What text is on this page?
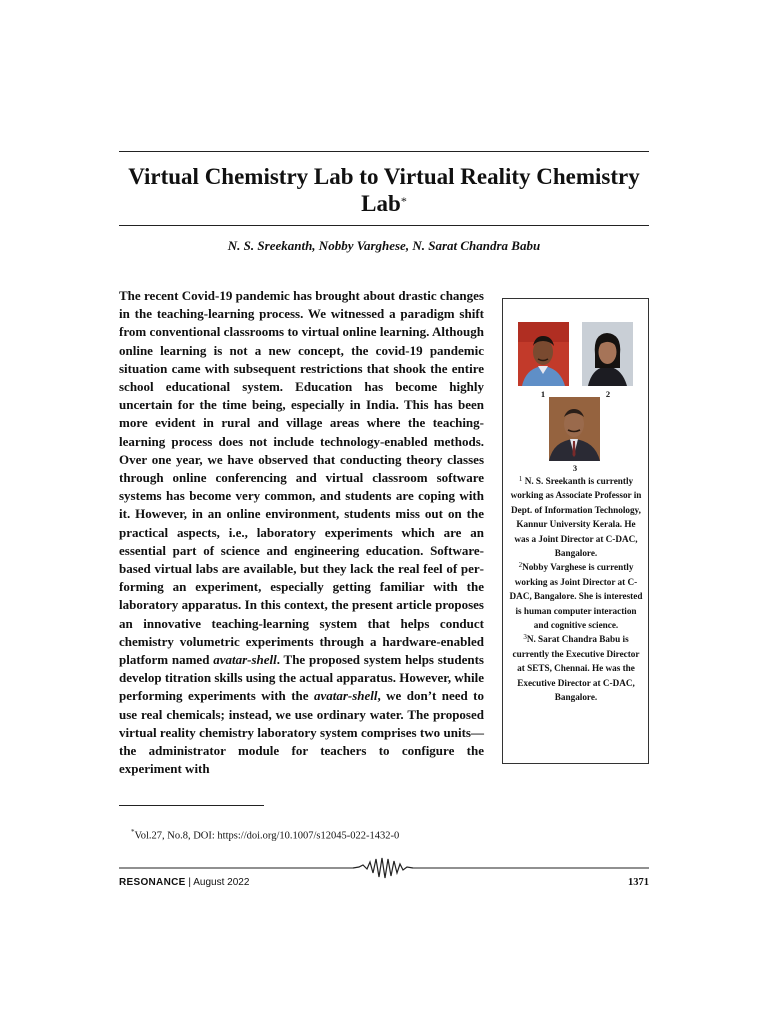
Virtual Chemistry Lab to Virtual Reality Chemistry Lab*
N. S. Sreekanth, Nobby Varghese, N. Sarat Chandra Babu

The recent Covid-19 pandemic has brought about drastic changes in the teaching-learning process. We witnessed a paradigm shift from conventional classrooms to virtual online learning. Although online learning is not a new concept, the covid-19 pandemic situation came with subsequent restrictions that shook the entire school educational system. Education has become highly uncertain for the time being, especially in India. This has been more evident in rural and village areas where the teaching-learning process does not include technology-enabled methods. Over one year, we have observed that conducting theory classes through online conferencing and virtual classroom software systems has become very common, and students are coping with it. However, in an online environment, students miss out on the practical aspects, i.e., laboratory experiments which are an essential part of science and engineering education. Software-based virtual labs are available, but they lack the real feel of performing an experiment, especially getting familiar with the laboratory apparatus. In this context, the present article proposes an innovative teaching-learning system that helps conduct chemistry volumetric experiments through a hardware-enabled platform named avatar-shell. The proposed system helps students develop titration skills using the actual apparatus. However, while performing experiments with the avatar-shell, we don’t need to use real chemicals; instead, we use ordinary water. The proposed virtual reality chemistry laboratory system comprises two units—the administrator module for teachers to configure the experiment with

1	2
3
$^1$ N. S. Sreekanth is currently working as Associate Professor in Dept. of Information Technology, Kannur University Kerala. He was a Joint Director at C-DAC, Bangalore.
$^2$Nobby Varghese is currently working as Joint Director at C-DAC, Bangalore. She is interested is human computer interaction and cognitive science.
$^3$N. Sarat Chandra Babu is currently the Executive Director at SETS, Chennai. He was the Executive Director at C-DAC, Bangalore.
*Vol.27, No.8, DOI: https://doi.org/10.1007/s12045-022-1432-0
RESONANCE | August 2022	1371
